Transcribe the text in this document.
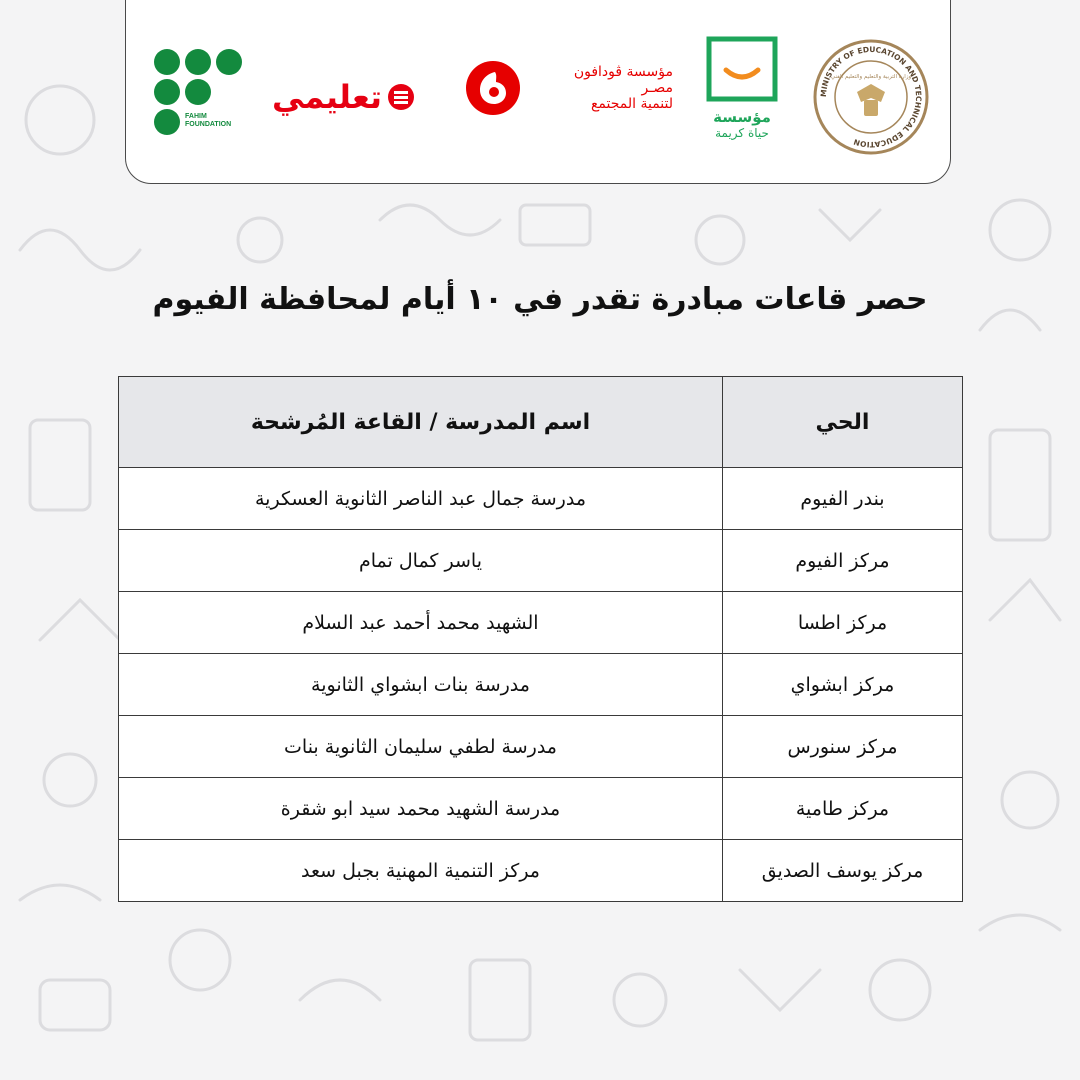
FAHIM
FOUNDATION
تعليمي
مؤسسة ڤودافون
مصـر
لتنمية المجتمع
مؤسسة
حياة كريمة
MINISTRY OF EDUCATION AND TECHNICAL EDUCATION
وزارة التربية والتعليم والتعليم الفني
حصر قاعات مبادرة تقدر في ١٠ أيام لمحافظة الفيوم
الحي	اسم المدرسة / القاعة المُرشحة
بندر الفيوم	مدرسة جمال عبد الناصر الثانوية العسكرية
مركز الفيوم	ياسر كمال تمام
مركز اطسا	الشهيد محمد أحمد عبد السلام
مركز ابشواي	مدرسة بنات ابشواي الثانوية
مركز سنورس	مدرسة لطفي سليمان الثانوية بنات
مركز طامية	مدرسة الشهيد محمد سيد ابو شقرة
مركز يوسف الصديق	مركز التنمية المهنية بجبل سعد
